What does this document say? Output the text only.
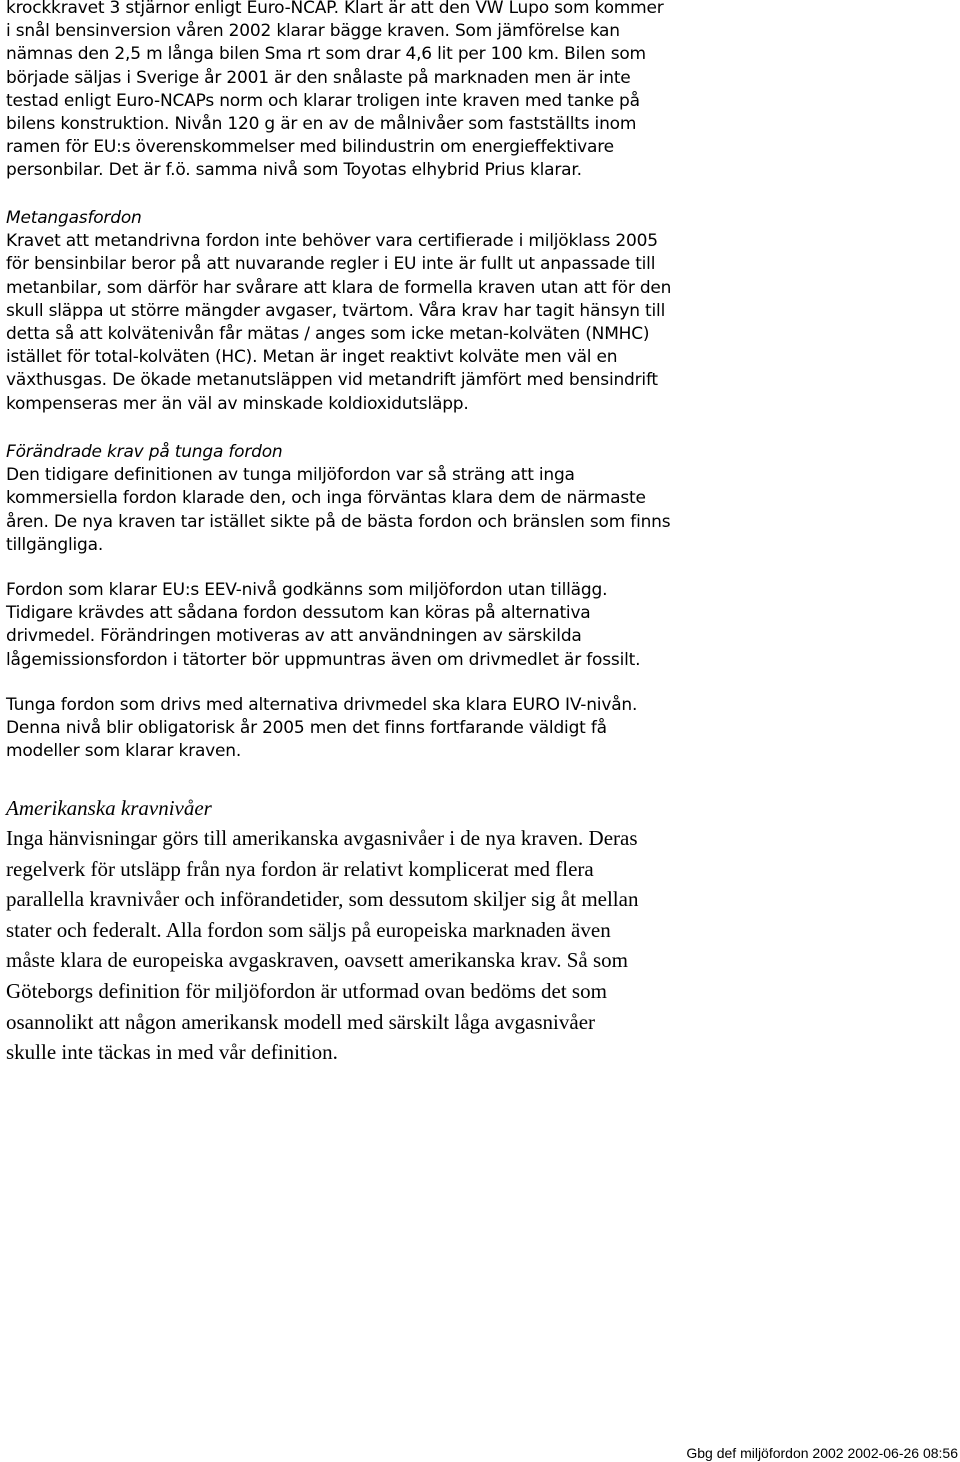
krockkravet 3 stjärnor enligt Euro-NCAP. Klart är att den VW Lupo som kommer

i snål bensinversion våren 2002 klarar bägge kraven. Som jämförelse kan

nämnas den 2,5 m långa bilen Sma rt som drar 4,6 lit per 100 km. Bilen som

började säljas i Sverige år 2001 är den snålaste på marknaden men är inte

testad enligt Euro-NCAPs norm och klarar troligen inte kraven med tanke på

bilens konstruktion. Nivån 120 g är en av de målnivåer som fastställts inom

ramen för EU:s överenskommelser med bilindustrin om energieffektivare

personbilar. Det är f.ö. samma nivå som Toyotas elhybrid Prius klarar.

Metangasfordon

Kravet att metandrivna fordon inte behöver vara certifierade i miljöklass 2005

för bensinbilar beror på att nuvarande regler i EU inte är fullt ut anpassade till

metanbilar, som därför har svårare att klara de formella kraven utan att för den

skull släppa ut större mängder avgaser, tvärtom. Våra krav har tagit hänsyn till

detta så att kolvätenivån får mätas / anges som icke metan-kolväten (NMHC)

istället för total-kolväten (HC). Metan är inget reaktivt kolväte men väl en

växthusgas. De ökade metanutsläppen vid metandrift jämfört med bensindrift

kompenseras mer än väl av minskade koldioxidutsläpp.

Förändrade krav på tunga fordon

Den tidigare definitionen av tunga miljöfordon var så sträng att inga

kommersiella fordon klarade den, och inga förväntas klara dem de närmaste

åren. De nya kraven tar istället sikte på de bästa fordon och bränslen som finns

tillgängliga.

Fordon som klarar EU:s EEV-nivå godkänns som miljöfordon utan tillägg.

Tidigare krävdes att sådana fordon dessutom kan köras på alternativa

drivmedel. Förändringen motiveras av att användningen av särskilda

lågemissionsfordon i tätorter bör uppmuntras även om drivmedlet är fossilt.

Tunga fordon som drivs med alternativa drivmedel ska klara EURO IV-nivån.

Denna nivå blir obligatorisk år 2005 men det finns fortfarande väldigt få

modeller som klarar kraven.

Amerikanska kravnivåer

Inga hänvisningar görs till amerikanska avgasnivåer i de nya kraven. Deras

regelverk för utsläpp från nya fordon är relativt komplicerat med flera

parallella kravnivåer och införandetider, som dessutom skiljer sig åt mellan

stater och federalt. Alla fordon som säljs på europeiska marknaden även

måste klara de europeiska avgaskraven, oavsett amerikanska krav. Så som

Göteborgs definition för miljöfordon är utformad ovan bedöms det som

osannolikt att någon amerikansk modell med särskilt låga avgasnivåer

skulle inte täckas in med vår definition.

Gbg def miljöfordon 2002 2002-06-26 08:56
